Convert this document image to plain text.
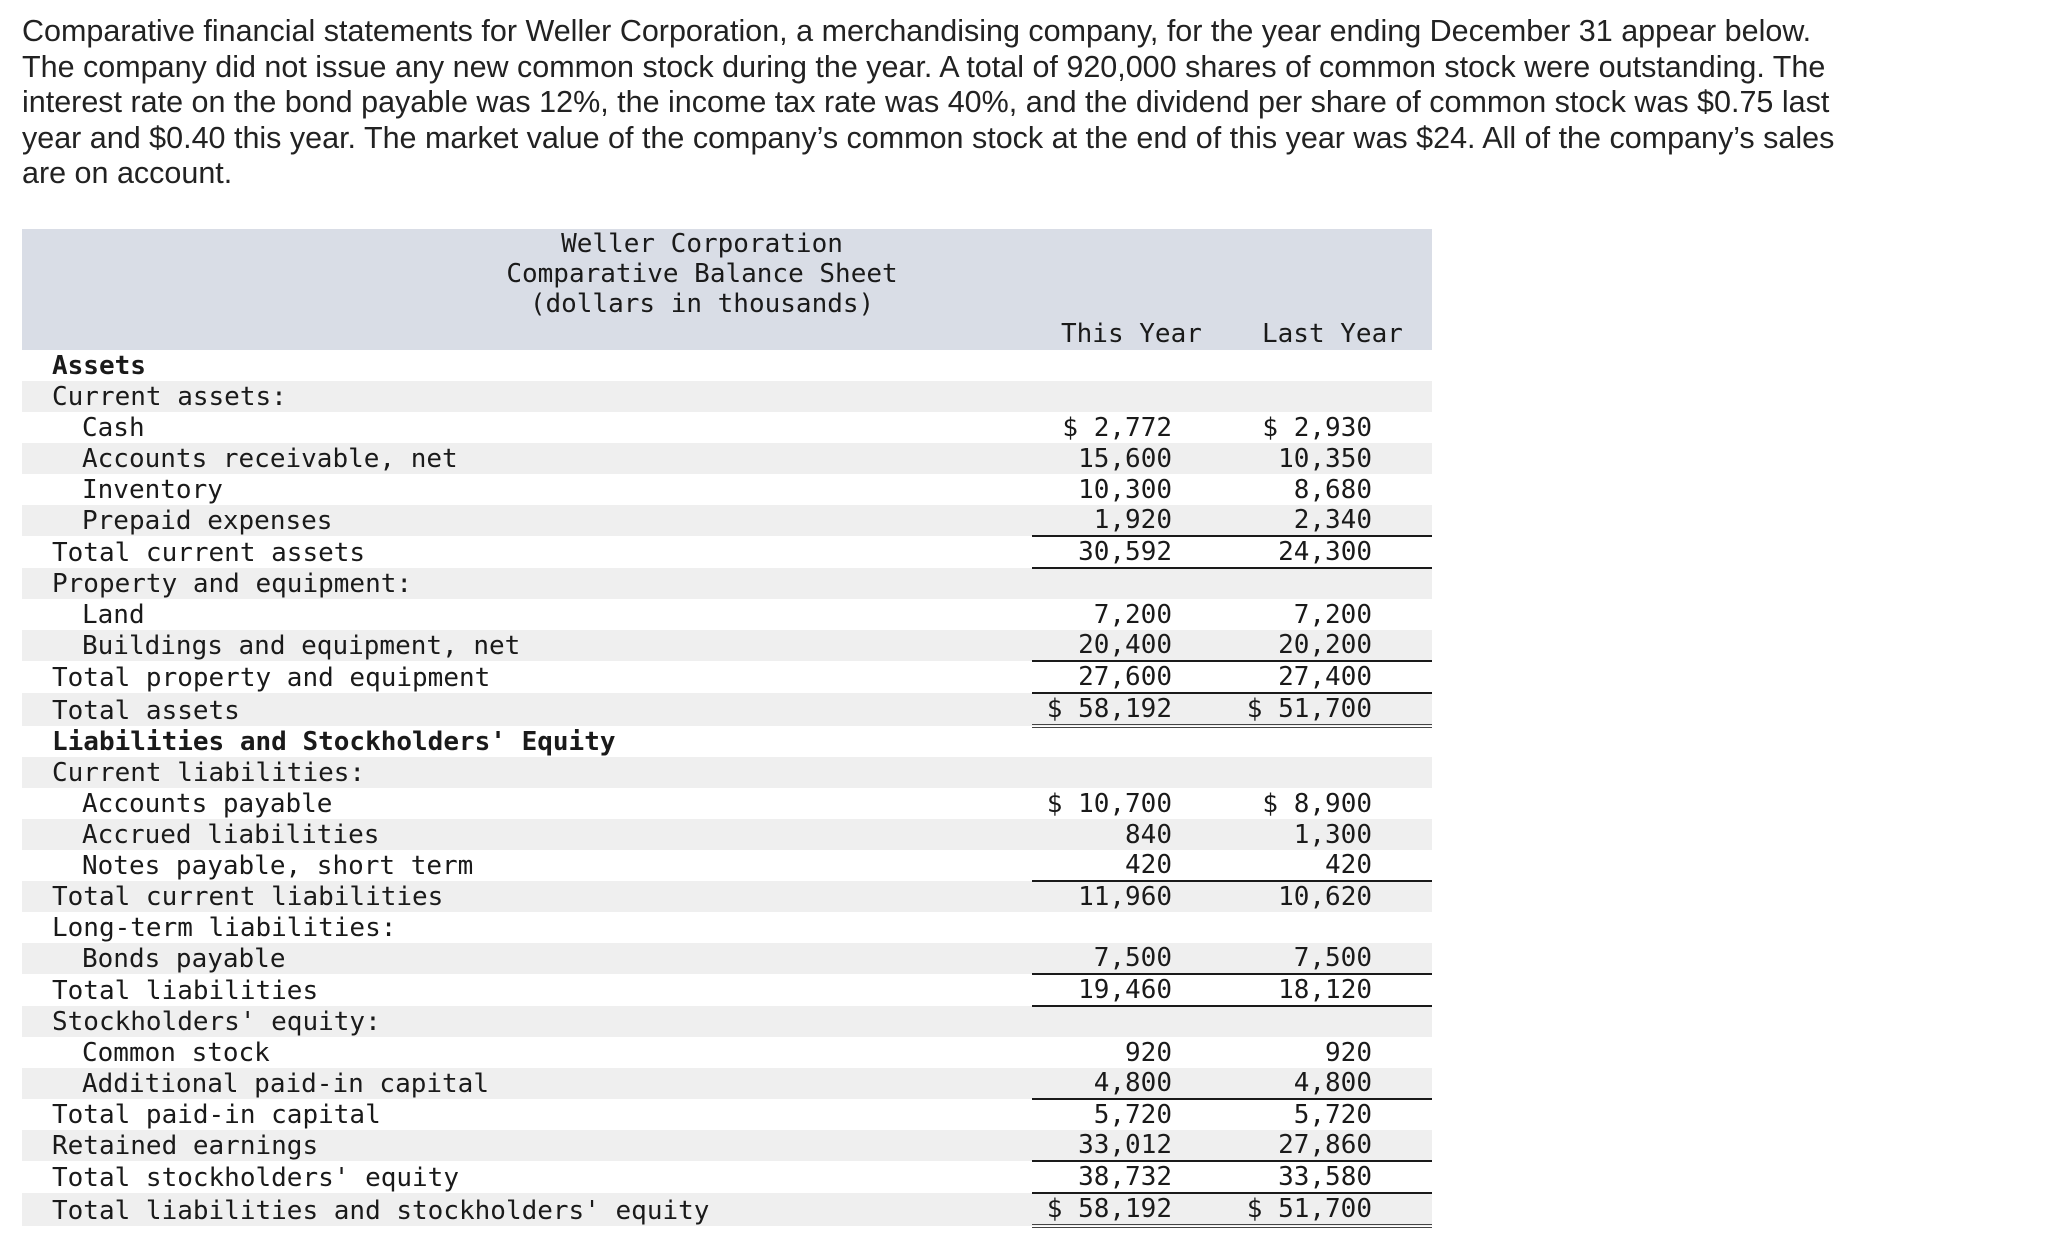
Comparative financial statements for Weller Corporation, a merchandising company, for the year ending December 31 appear below.
The company did not issue any new common stock during the year. A total of 920,000 shares of common stock were outstanding. The
interest rate on the bond payable was 12%, the income tax rate was 40%, and the dividend per share of common stock was $0.75 last
year and $0.40 this year. The market value of the company’s common stock at the end of this year was $24. All of the company’s sales
are on account.
Weller Corporation
Comparative Balance Sheet
(dollars in thousands)
This Year Last Year
Assets		
Current assets:		
Cash	$ 2,772	$ 2,930
Accounts receivable, net	15,600	10,350
Inventory	10,300	8,680
Prepaid expenses	1,920	2,340
Total current assets	30,592	24,300
Property and equipment:		
Land	7,200	7,200
Buildings and equipment, net	20,400	20,200
Total property and equipment	27,600	27,400
Total assets	$ 58,192	$ 51,700
Liabilities and Stockholders' Equity		
Current liabilities:		
Accounts payable	$ 10,700	$ 8,900
Accrued liabilities	840	1,300
Notes payable, short term	420	420
Total current liabilities	11,960	10,620
Long-term liabilities:		
Bonds payable	7,500	7,500
Total liabilities	19,460	18,120
Stockholders' equity:		
Common stock	920	920
Additional paid-in capital	4,800	4,800
Total paid-in capital	5,720	5,720
Retained earnings	33,012	27,860
Total stockholders' equity	38,732	33,580
Total liabilities and stockholders' equity	$ 58,192	$ 51,700
